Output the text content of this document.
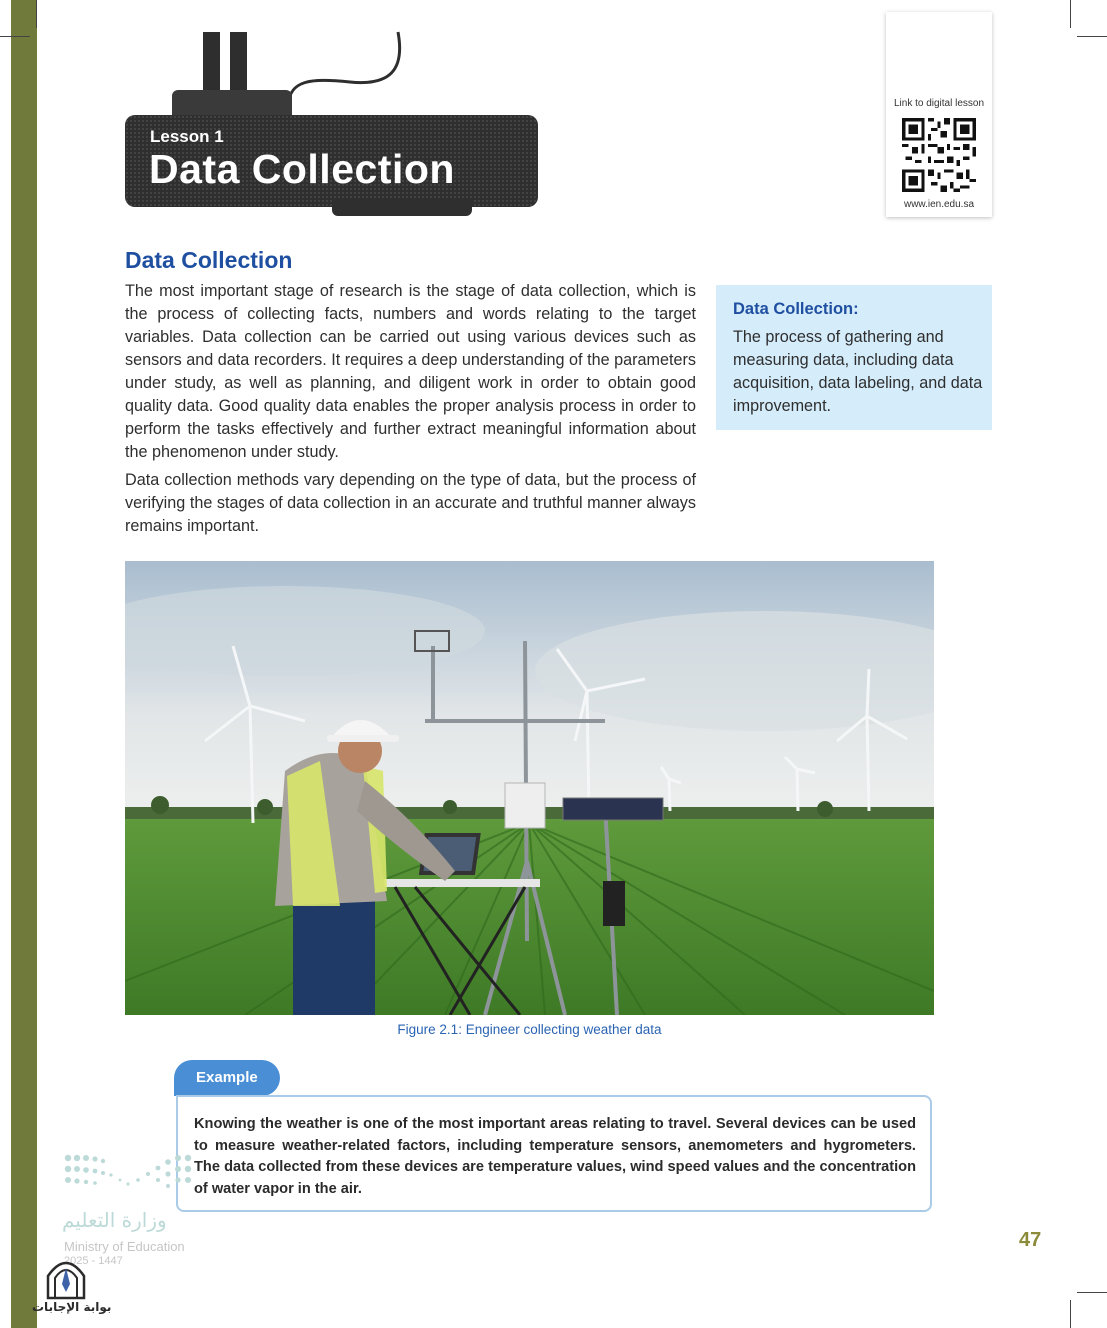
Lesson 1
Data Collection
Link to digital lesson
www.ien.edu.sa
Data Collection

The most important stage of research is the stage of data collection, which is the process of collecting facts, numbers and words relating to the target variables. Data collection can be carried out using various devices such as sensors and data recorders. It requires a deep understanding of the parameters under study, as well as planning, and diligent work in order to obtain good quality data. Good quality data enables the proper analysis process in order to perform the tasks effectively and further extract meaningful information about the phenomenon under study.

Data collection methods vary depending on the type of data, but the process of verifying the stages of data collection in an accurate and truthful manner always remains important.

Data Collection:
The process of gathering and measuring data, including data acquisition, data labeling, and data improvement.
Figure 2.1: Engineer collecting weather data
Example
Knowing the weather is one of the most important areas relating to travel. Several devices can be used to measure weather-related factors, including temperature sensors, anemometers and hygrometers. The data collected from these devices are temperature values, wind speed values and the concentration of water vapor in the air.
وزارة التعليم
Ministry of Education
2025 - 1447
بوابة الإجابات
47
